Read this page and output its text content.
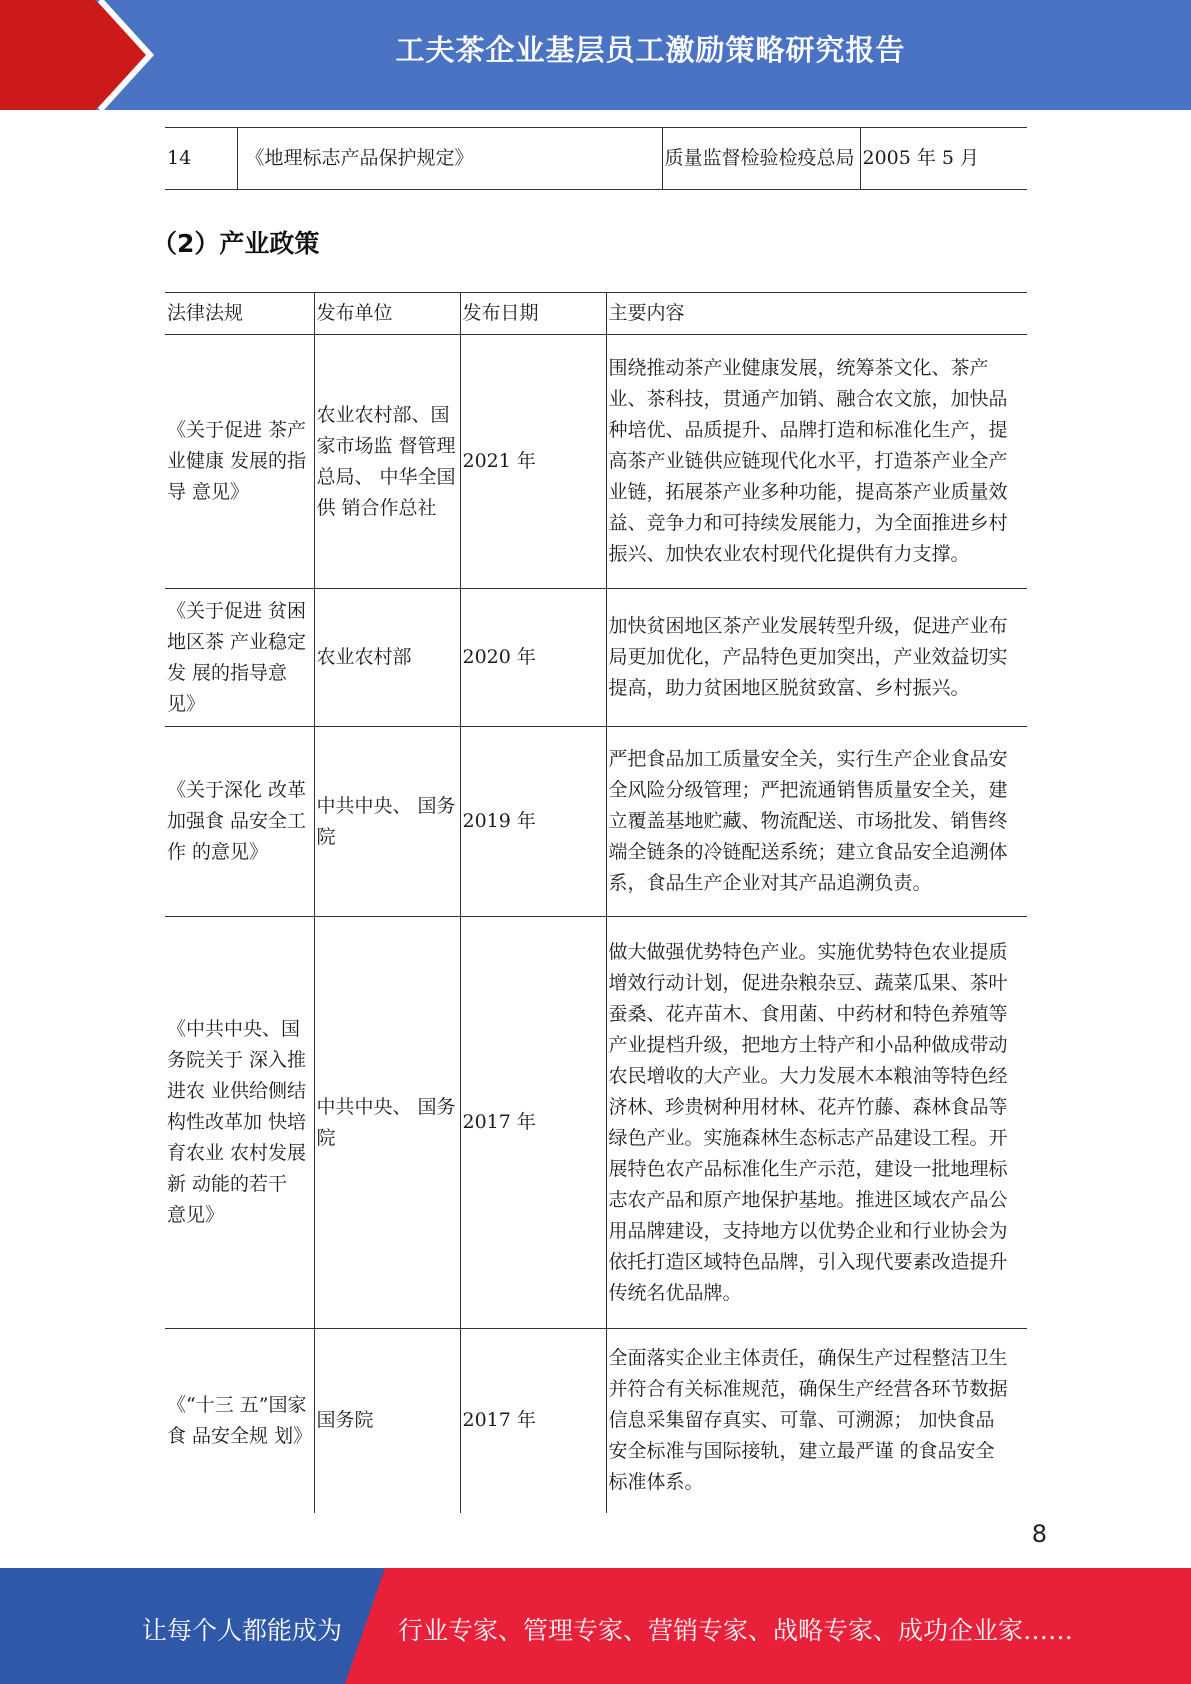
工夫茶企业基层员工激励策略研究报告
14	《地理标志产品保护规定》	质量监督检验检疫总局	2005 年 5 月
（2）产业政策
法律法规	发布单位	发布日期	主要内容
《关于促进 茶产业健康 发展的指导 意见》	农业农村部、国家市场监 督管理总局、 中华全国供 销合作总社	2021 年	围绕推动茶产业健康发展，统筹茶文化、茶产业、茶科技，贯通产加销、融合农文旅，加快品种培优、品质提升、品牌打造和标准化生产，提高茶产业链供应链现代化水平，打造茶产业全产业链，拓展茶产业多种功能，提高茶产业质量效益、竞争力和可持续发展能力，为全面推进乡村振兴、加快农业农村现代化提供有力支撑。
《关于促进 贫困地区茶 产业稳定发 展的指导意 见》	农业农村部	2020 年	加快贫困地区茶产业发展转型升级，促进产业布局更加优化，产品特色更加突出，产业效益切实提高，助力贫困地区脱贫致富、乡村振兴。
《关于深化 改革加强食 品安全工作 的意见》	中共中央、 国务院	2019 年	严把食品加工质量安全关，实行生产企业食品安全风险分级管理；严把流通销售质量安全关，建立覆盖基地贮藏、物流配送、市场批发、销售终端全链条的冷链配送系统；建立食品安全追溯体系，食品生产企业对其产品追溯负责。
《中共中央、国务院关于 深入推进农 业供给侧结 构性改革加 快培育农业 农村发展新 动能的若干 意见》	中共中央、 国务院	2017 年	做大做强优势特色产业。实施优势特色农业提质增效行动计划，促进杂粮杂豆、蔬菜瓜果、茶叶蚕桑、花卉苗木、食用菌、中药材和特色养殖等产业提档升级，把地方土特产和小品种做成带动农民增收的大产业。大力发展木本粮油等特色经济林、珍贵树种用材林、花卉竹藤、森林食品等绿色产业。实施森林生态标志产品建设工程。开展特色农产品标准化生产示范，建设一批地理标志农产品和原产地保护基地。推进区域农产品公用品牌建设，支持地方以优势企业和行业协会为依托打造区域特色品牌，引入现代要素改造提升传统名优品牌。
《“十三 五”国家食 品安全规 划》	国务院	2017 年	全面落实企业主体责任，确保生产过程整洁卫生并符合有关标准规范，确保生产经营各环节数据信息采集留存真实、可靠、可溯源； 加快食品安全标准与国际接轨，建立最严谨 的食品安全标准体系。
8
让每个人都能成为 行业专家、管理专家、营销专家、战略专家、成功企业家……
